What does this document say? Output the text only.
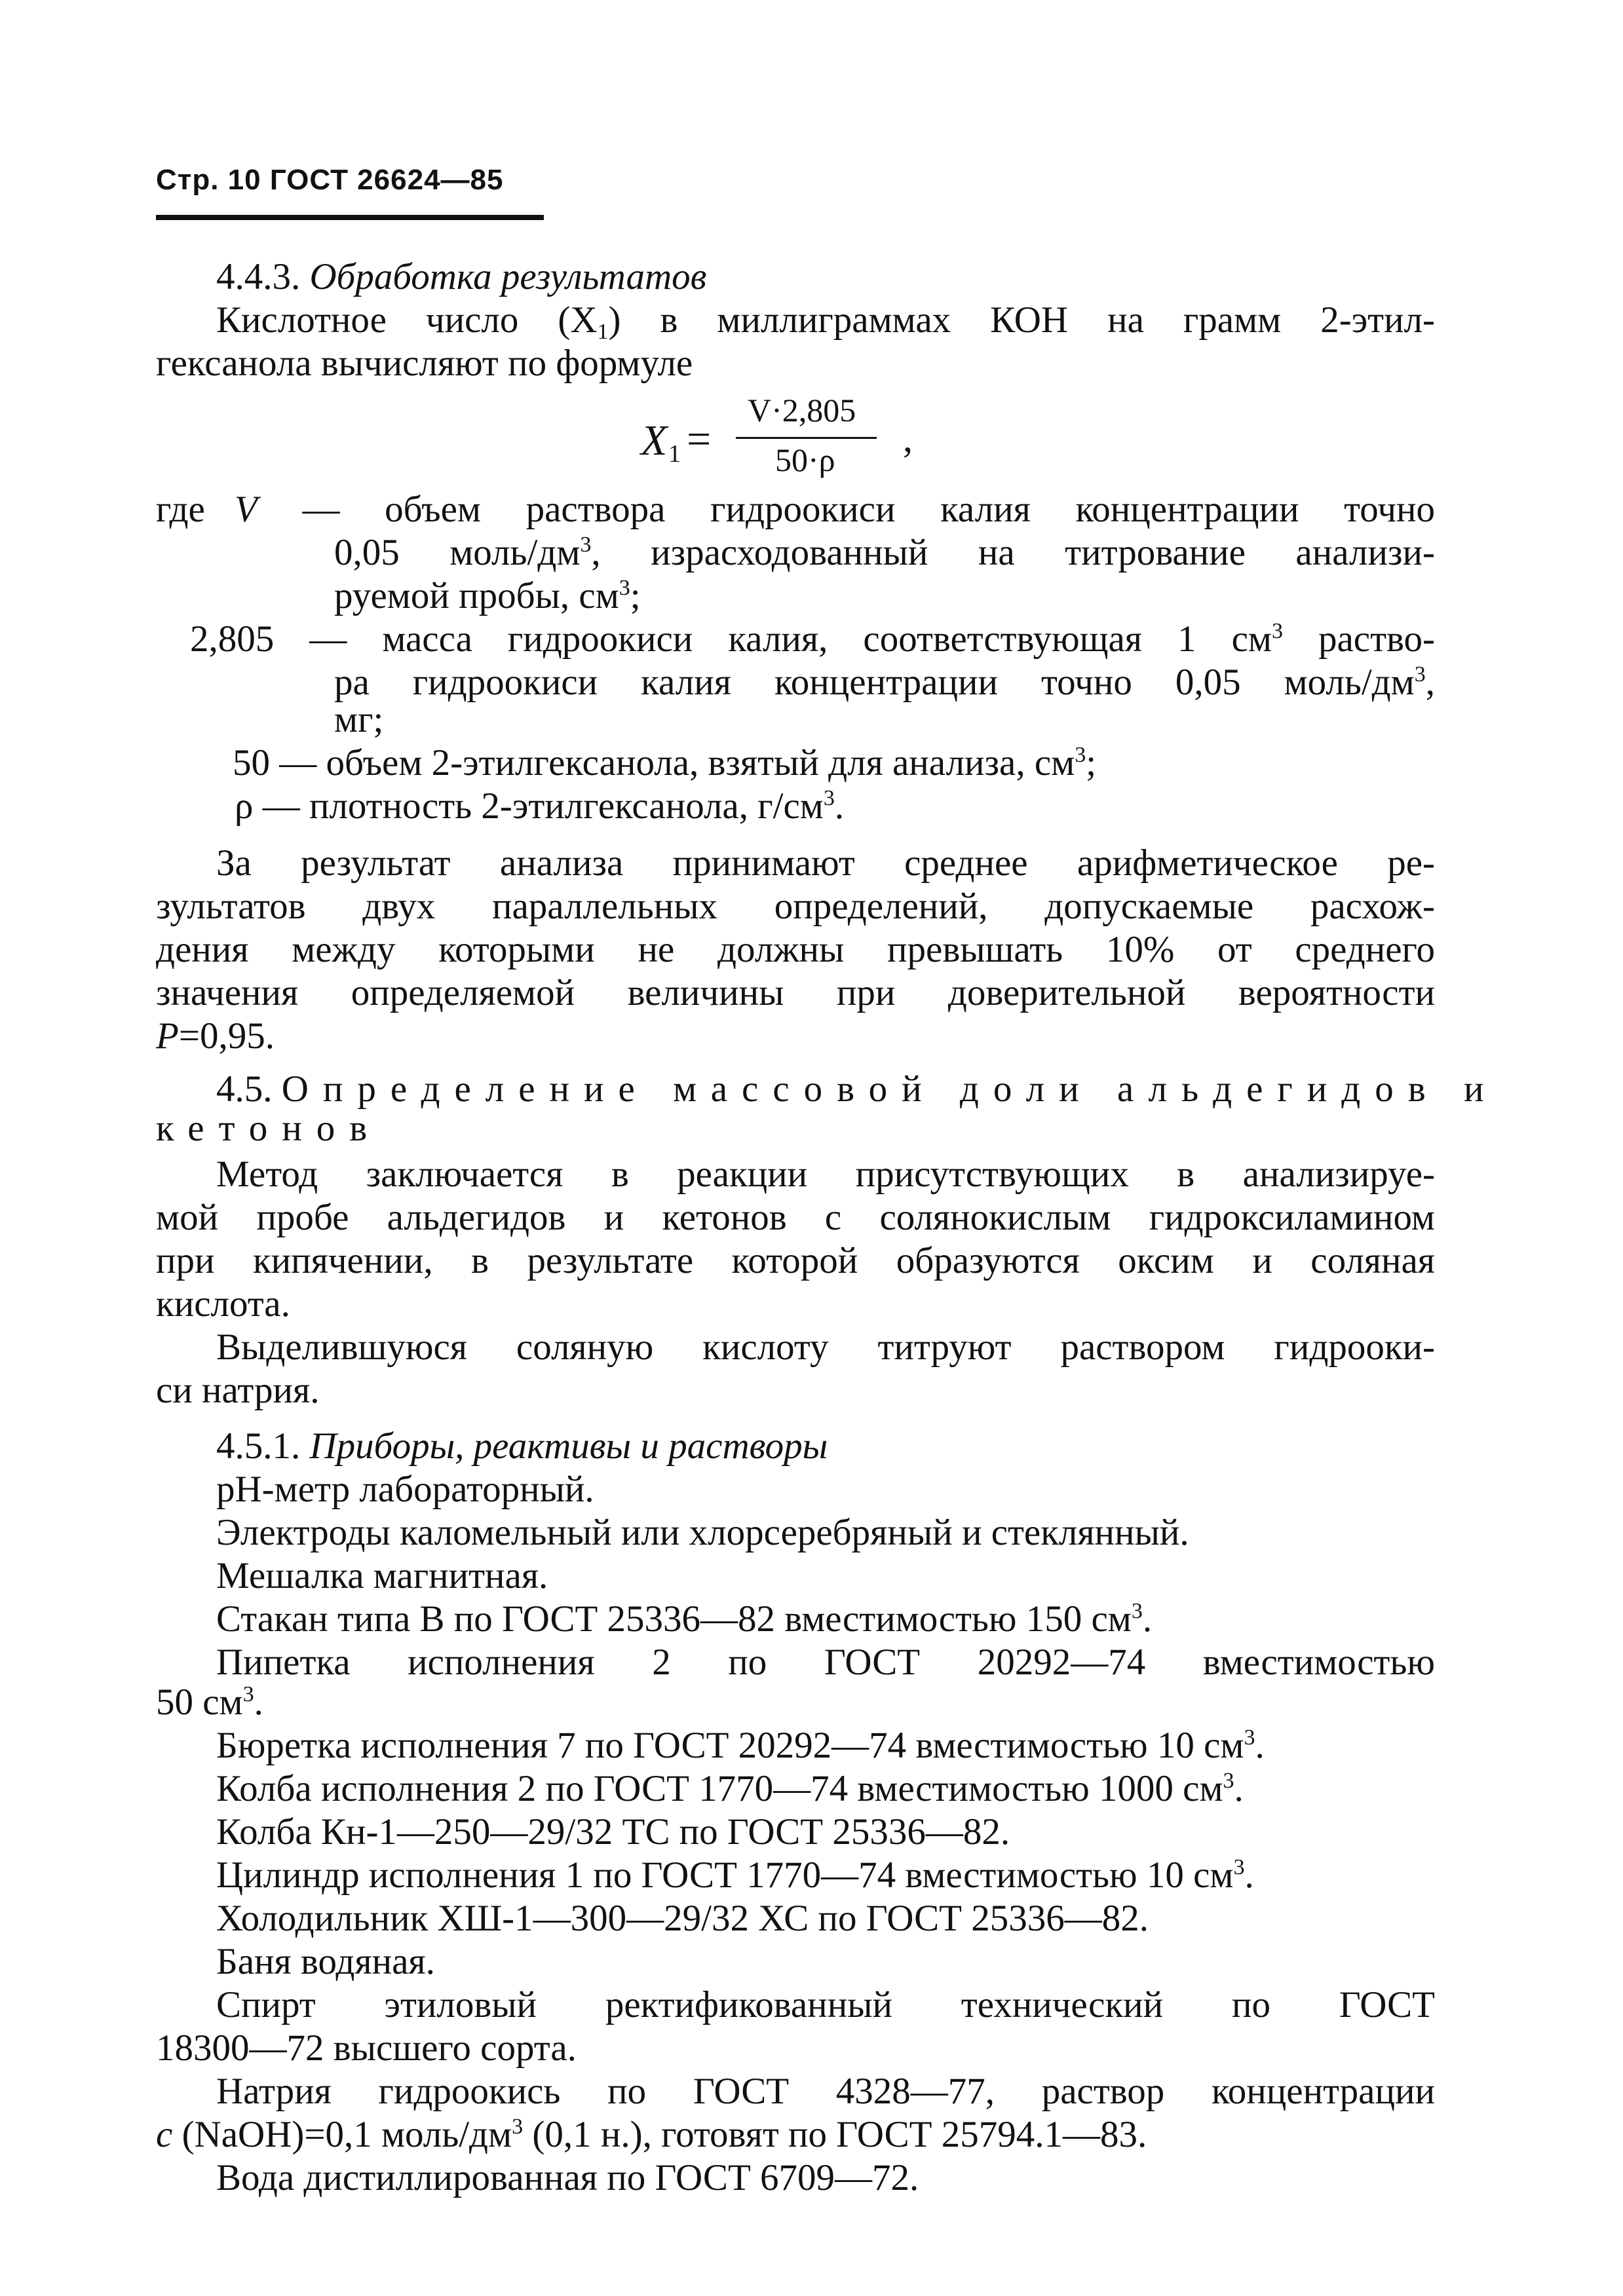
Стр. 10 ГОСТ 26624—85
4.4.3. Обработка результатов
Кислотное число $(X_1)$ в миллиграммах КОН на грамм 2-этил-
гексанола вычисляют по формуле
X 1 =
V·2,805
50·ρ ,
где V — объем раствора гидроокиси калия концентрации точно
0,05 моль/$дм^3$, израсходованный на титрование анализи-
руемой пробы, $см^3$;
2,805 — масса гидроокиси калия, соответствующая 1 $см^3$ раство-
ра гидроокиси калия концентрации точно 0,05 моль/$дм^3$,
мг;
50 — объем 2-этилгексанола, взятый для анализа, $см^3$;
ρ — плотность 2-этилгексанола, $г/см^3$.
За результат анализа принимают среднее арифметическое ре-
зультатов двух параллельных определений, допускаемые расхож-
дения между которыми не должны превышать 10% от среднего
значения определяемой величины при доверительной вероятности
P=0,95.
4.5. Определение массовой доли альдегидов и
кетонов
Метод заключается в реакции присутствующих в анализируе-
мой пробе альдегидов и кетонов с солянокислым гидроксиламином
при кипячении, в результате которой образуются оксим и соляная
кислота.
Выделившуюся соляную кислоту титруют раствором гидрооки-
си натрия.
4.5.1. Приборы, реактивы и растворы
рН-метр лабораторный.
Электроды каломельный или хлорсеребряный и стеклянный.
Мешалка магнитная.
Стакан типа В по ГОСТ 25336—82 вместимостью 150 $см^3$.
Пипетка исполнения 2 по ГОСТ 20292—74 вместимостью
50 $см^3$.
Бюретка исполнения 7 по ГОСТ 20292—74 вместимостью 10 $см^3$.
Колба исполнения 2 по ГОСТ 1770—74 вместимостью 1000 $см^3$.
Колба Кн-1—250—29/32 ТС по ГОСТ 25336—82.
Цилиндр исполнения 1 по ГОСТ 1770—74 вместимостью 10 $см^3$.
Холодильник ХШ-1—300—29/32 ХС по ГОСТ 25336—82.
Баня водяная.
Спирт этиловый ректификованный технический по ГОСТ
18300—72 высшего сорта.
Натрия гидроокись по ГОСТ 4328—77, раствор концентрации
c (NaOH)=0,1 моль/$дм^3$ (0,1 н.), готовят по ГОСТ 25794.1—83.
Вода дистиллированная по ГОСТ 6709—72.
